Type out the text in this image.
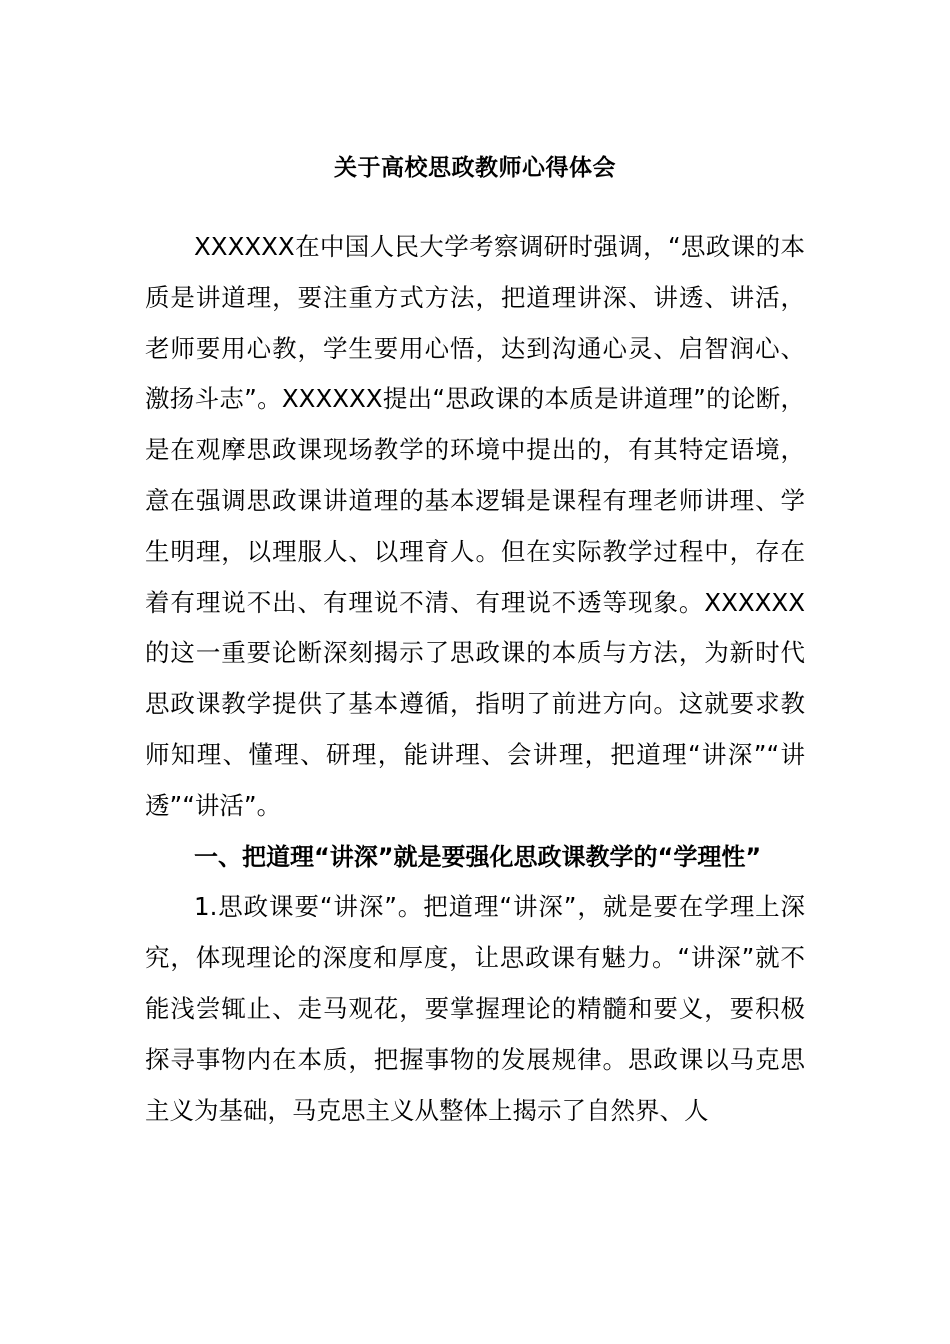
关于高校思政教师心得体会

XXXXXX在中国人民大学考察调研时强调，“思政课的本质是讲道理，要注重方式方法，把道理讲深、讲透、讲活，老师要用心教，学生要用心悟，达到沟通心灵、启智润心、激扬斗志”。XXXXXX提出“思政课的本质是讲道理”的论断，是在观摩思政课现场教学的环境中提出的，有其特定语境，意在强调思政课讲道理的基本逻辑是课程有理老师讲理、学生明理，以理服人、以理育人。但在实际教学过程中，存在着有理说不出、有理说不清、有理说不透等现象。XXXXXX的这一重要论断深刻揭示了思政课的本质与方法，为新时代思政课教学提供了基本遵循，指明了前进方向。这就要求教师知理、懂理、研理，能讲理、会讲理，把道理“讲深”“讲透”“讲活”。

一、把道理“讲深”就是要强化思政课教学的“学理性”

1.思政课要“讲深”。把道理“讲深”，就是要在学理上深究，体现理论的深度和厚度，让思政课有魅力。“讲深”就不能浅尝辄止、走马观花，要掌握理论的精髓和要义，要积极探寻事物内在本质，把握事物的发展规律。思政课以马克思主义为基础，马克思主义从整体上揭示了自然界、人
